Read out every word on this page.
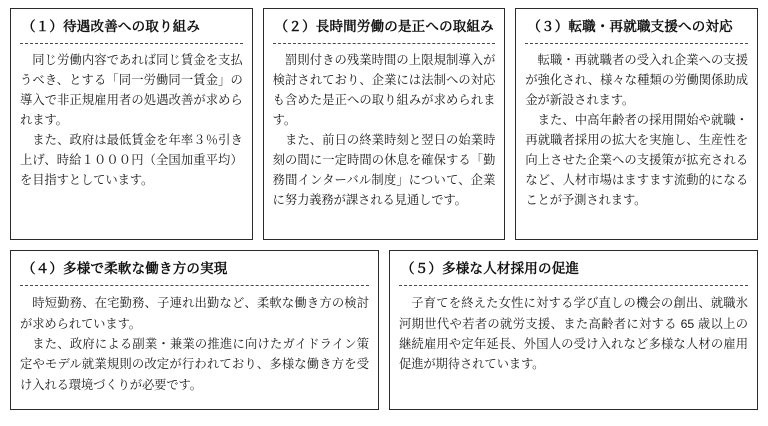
（１）待遇改善への取り組み

同じ労働内容であれば同じ賃金を支払うべき、とする「同一労働同一賃金」の導入で非正規雇用者の処遇改善が求められます。

また、政府は最低賃金を年率３％引き上げ、時給１０００円（全国加重平均）を目指すとしています。

（２）長時間労働の是正への取組み

罰則付きの残業時間の上限規制導入が検討されており、企業には法制への対応も含めた是正への取り組みが求められます。

また、前日の終業時刻と翌日の始業時刻の間に一定時間の休息を確保する「勤務間インターバル制度」について、企業に努力義務が課される見通しです。

（３）転職・再就職支援への対応

転職・再就職者の受入れ企業への支援が強化され、様々な種類の労働関係助成金が新設されます。

また、中高年齢者の採用開始や就職・再就職者採用の拡大を実施し、生産性を向上させた企業への支援策が拡充されるなど、人材市場はますます流動的になることが予測されます。

（４）多様で柔軟な働き方の実現

時短勤務、在宅勤務、子連れ出勤など、柔軟な働き方の検討が求められています。

また、政府による副業・兼業の推進に向けたガイドライン策定やモデル就業規則の改定が行われており、多様な働き方を受け入れる環境づくりが必要です。

（５）多様な人材採用の促進

子育てを終えた女性に対する学び直しの機会の創出、就職氷河期世代や若者の就労支援、また高齢者に対する 65 歳以上の継続雇用や定年延長、外国人の受け入れなど多様な人材の雇用促進が期待されています。
